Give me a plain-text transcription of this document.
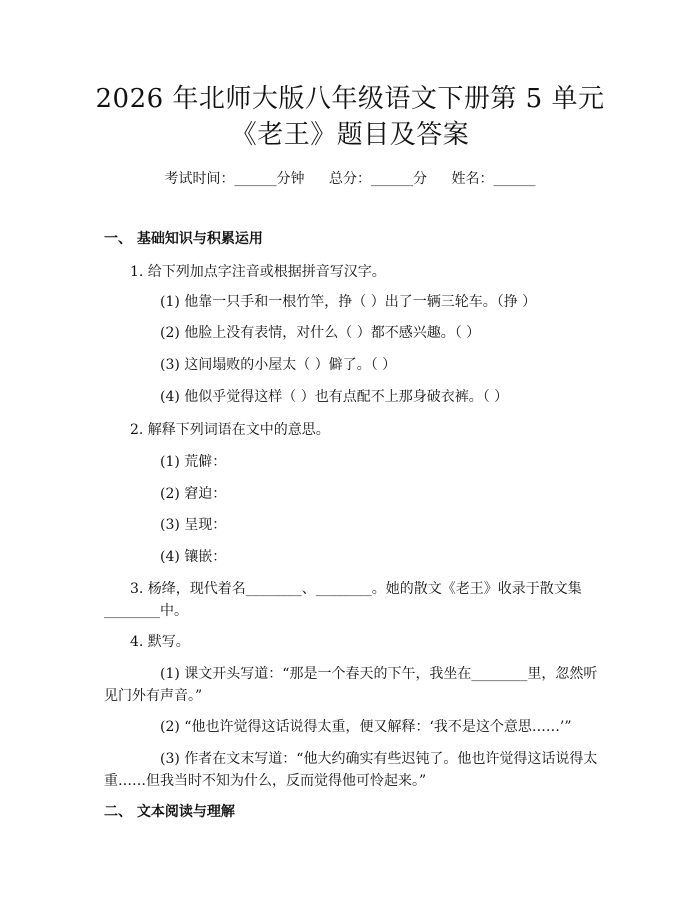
2026 年北师大版八年级语文下册第 5 单元
《老王》题目及答案
考试时间：______分钟 总分：______分 姓名：______
一、 基础知识与积累运用
1. 给下列加点字注音或根据拼音写汉字。
(1) 他靠一只手和一根竹竿，挣（ ）出了一辆三轮车。（挣 ）
(2) 他脸上没有表情，对什么（ ）都不感兴趣。（ ）
(3) 这间塌败的小屋太（ ）僻了。（ ）
(4) 他似乎觉得这样（ ）也有点配不上那身破衣裤。（ ）
2. 解释下列词语在文中的意思。
(1) 荒僻：
(2) 窘迫：
(3) 呈现：
(4) 镶嵌：
3. 杨绛，现代着名________、________。她的散文《老王》收录于散文集
________中。
4. 默写。
(1) 课文开头写道：“那是一个春天的下午，我坐在________里，忽然听
见门外有声音。”
(2) “他也许觉得这话说得太重，便又解释：‘我不是这个意思……’”
(3) 作者在文末写道：“他大约确实有些迟钝了。他也许觉得这话说得太
重……但我当时不知为什么，反而觉得他可怜起来。”
二、 文本阅读与理解
